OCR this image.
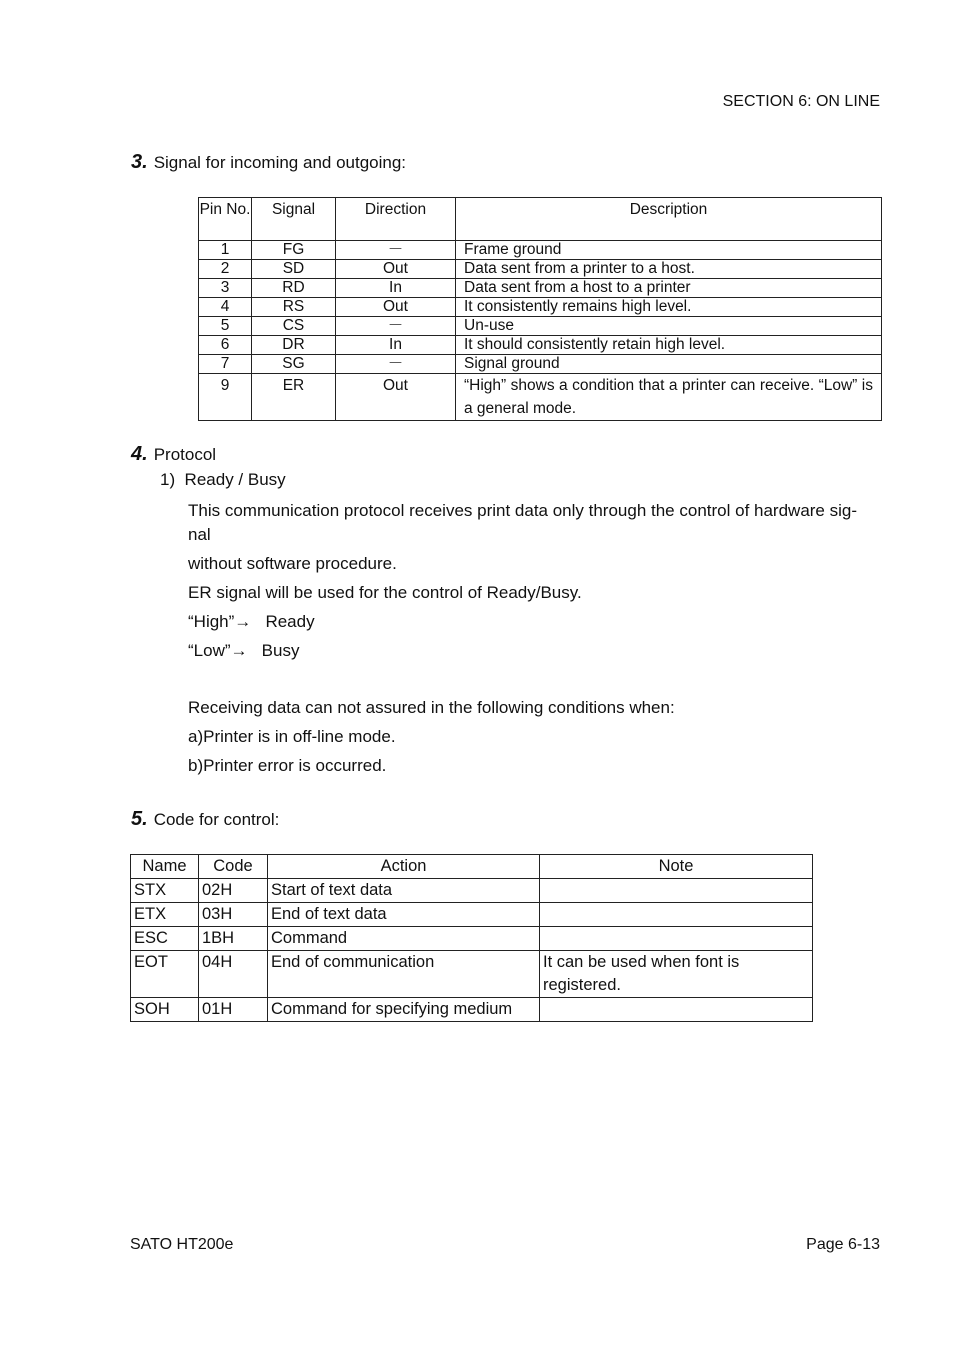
SECTION 6: ON LINE
3. Signal for incoming and outgoing:
Pin No.	Signal	Direction	Description
1	FG	－	Frame ground
2	SD	Out	Data sent from a printer to a host.
3	RD	In	Data sent from a host to a printer
4	RS	Out	It consistently remains high level.
5	CS	－	Un-use
6	DR	In	It should consistently retain high level.
7	SG	－	Signal ground
9	ER	Out	“High” shows a condition that a printer can receive. “Low” is a general mode.
4. Protocol
1)  Ready / Busy
This communication protocol receives print data only through the control of hardware sig-
nal
without software procedure.
ER signal will be used for the control of Ready/Busy.
“High”→   Ready
“Low”→   Busy
Receiving data can not assured in the following conditions when:
a)Printer is in off-line mode.
b)Printer error is occurred.
5. Code for control:
Name	Code	Action	Note
STX	02H	Start of text data	
ETX	03H	End of text data	
ESC	1BH	Command	
EOT	04H	End of communication	It can be used when font is registered.
SOH	01H	Command for specifying medium	
SATO HT200e	Page 6-13
